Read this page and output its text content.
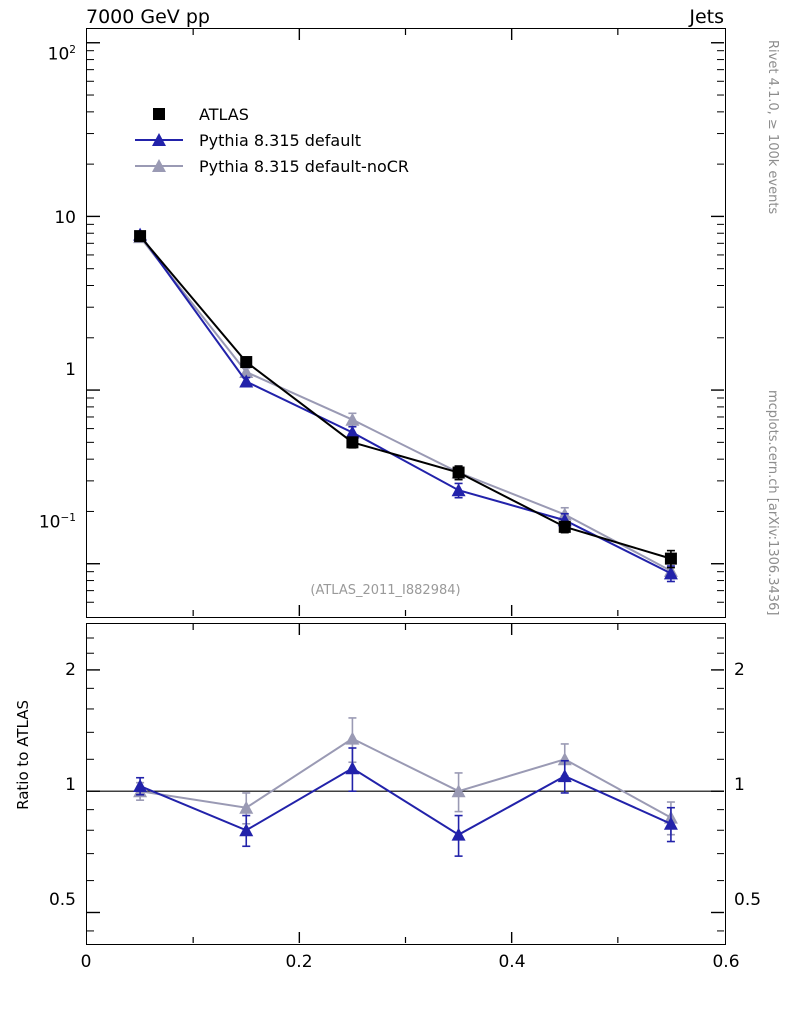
7000 GeV pp	Jets
Rivet 4.1.0, ≥ 100k events
mcplots.cern.ch [arXiv:1306.3436]
ATLAS
Pythia 8.315 default
Pythia 8.315 default-noCR
(ATLAS_2011_I882984)
$10^2$
10
1
$10^{-1}$
Ratio to ATLAS
2
1
0.5
2
1
0.5
0	0.2	0.4	0.6
